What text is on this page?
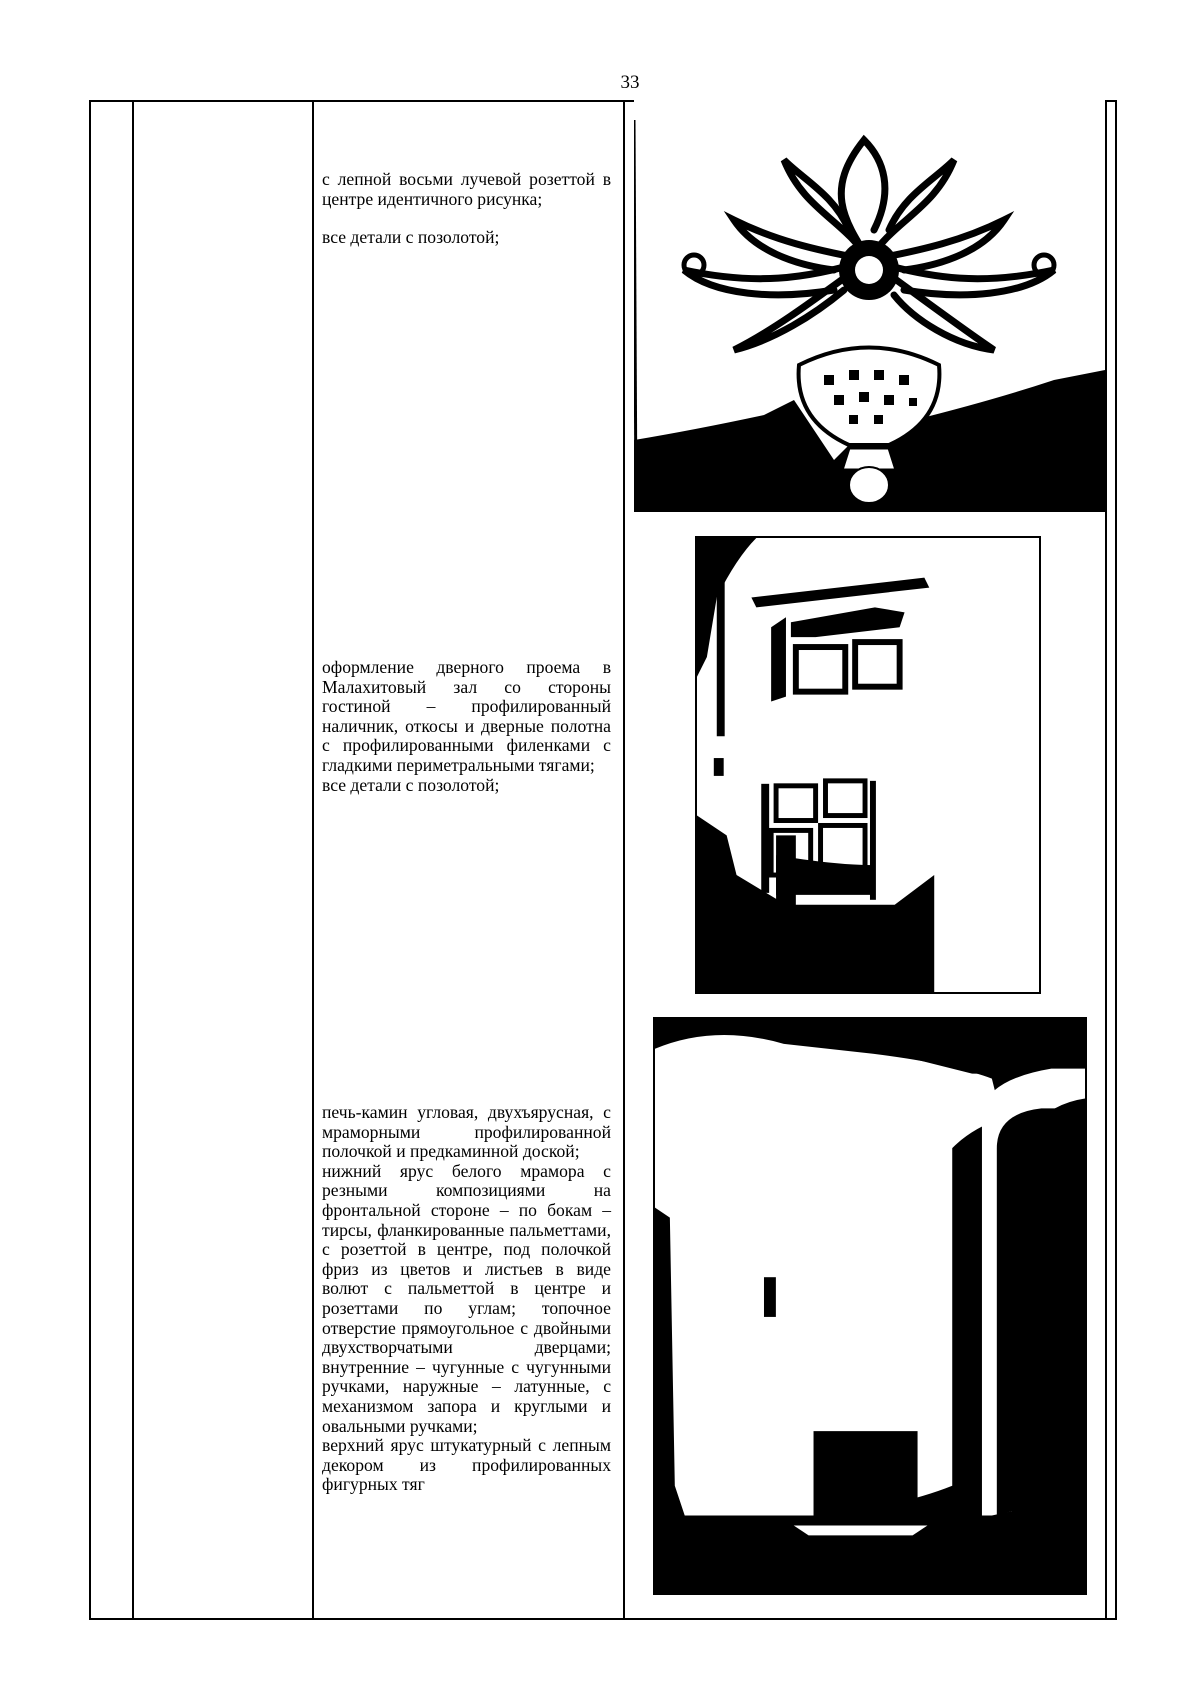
33

с лепной восьми лучевой розеттой в центре идентичного рисунка;

все детали с позолотой;

оформление дверного проема в Малахитовый зал со стороны гостиной – профилированный наличник, откосы и дверные полотна с профилированными филенками с гладкими периметральными тягами;

все детали с позолотой;

печь-камин угловая, двухъярусная, с мраморными профилированной полочкой и предкаминной доской;

нижний ярус белого мрамора с резными композициями на фронтальной стороне – по бокам – тирсы, фланкированные пальметтами, с розеттой в центре, под полочкой фриз из цветов и листьев в виде волют с пальметтой в центре и розеттами по углам; топочное отверстие прямоугольное с двойными двухстворчатыми дверцами; внутренние – чугунные с чугунными ручками, наружные – латунные, с механизмом запора и круглыми и овальными ручками;

верхний ярус штукатурный с лепным декором из профилированных фигурных тяг
